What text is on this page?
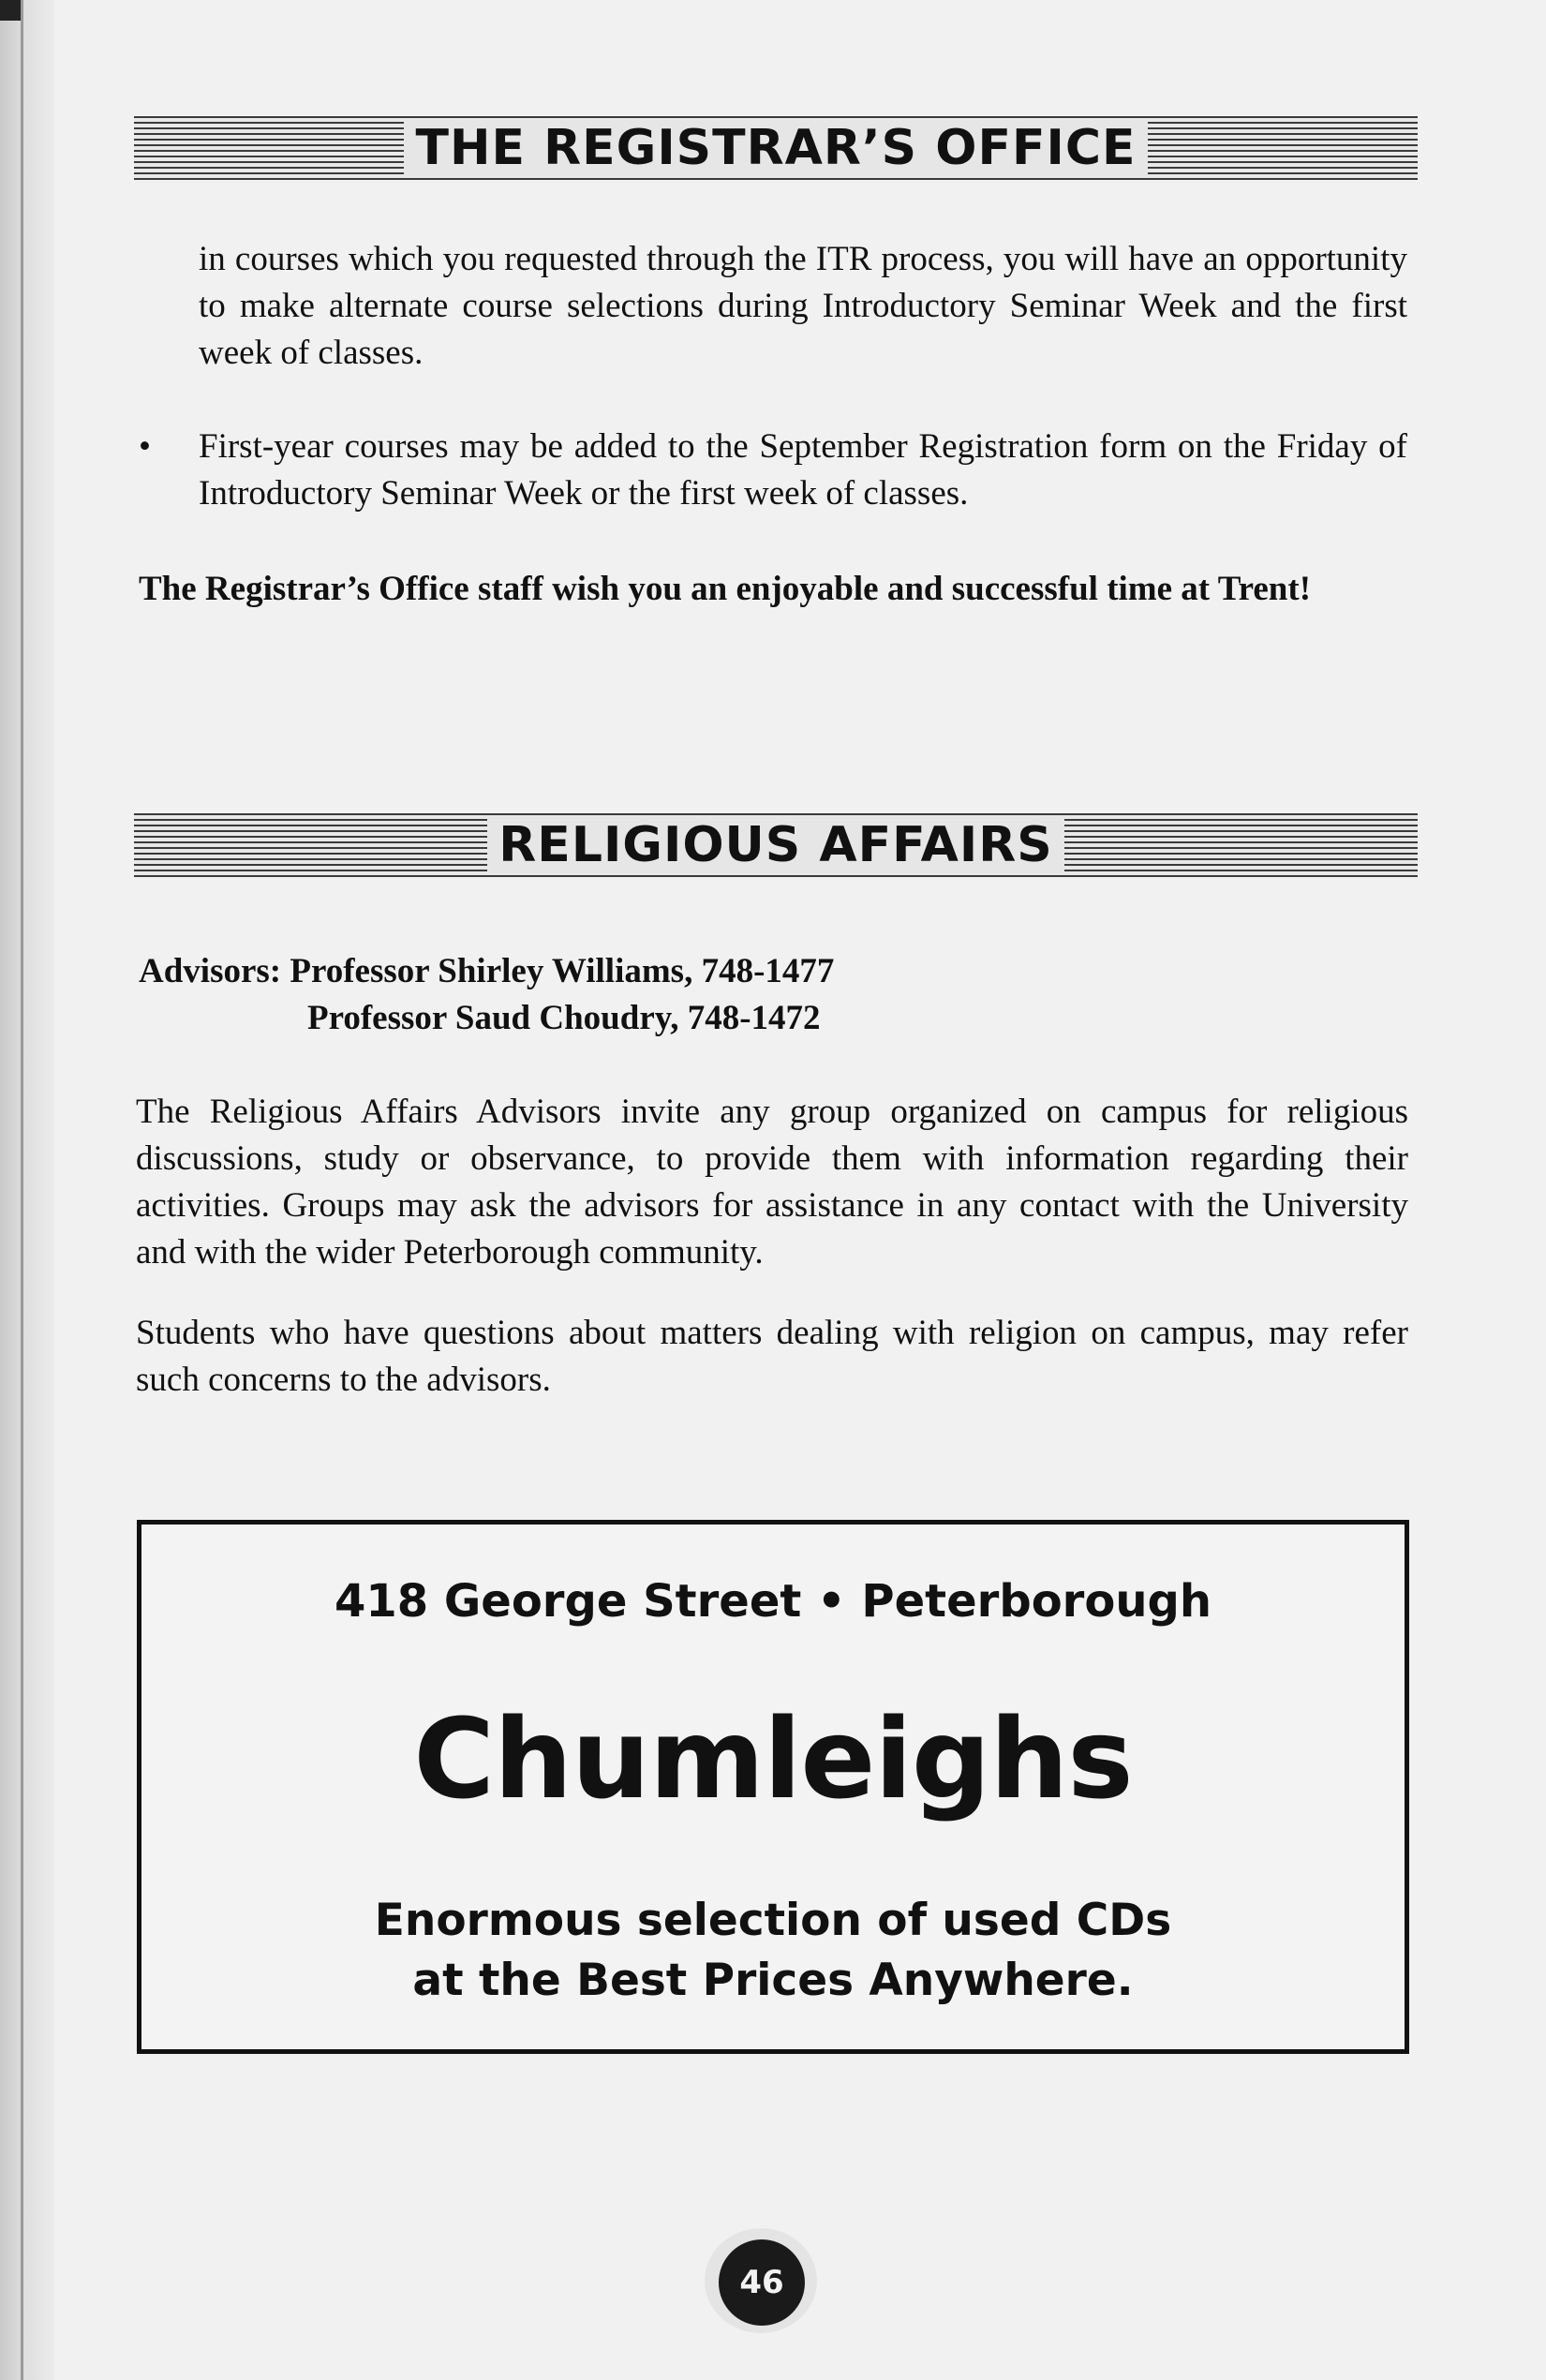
THE REGISTRAR’S OFFICE
in courses which you requested through the ITR process, you will have an opportunity to make alternate course selections during Introductory Seminar Week and the first week of classes.
•	First-year courses may be added to the September Registration form on the Friday of Introductory Seminar Week or the first week of classes.
The Registrar’s Office staff wish you an enjoyable and successful time at Trent!
RELIGIOUS AFFAIRS
Advisors: Professor Shirley Williams, 748-1477
Professor Saud Choudry, 748-1472
The Religious Affairs Advisors invite any group organized on campus for religious discussions, study or observance, to provide them with information regarding their activities. Groups may ask the advisors for assistance in any contact with the University and with the wider Peterborough community.
Students who have questions about matters dealing with religion on campus, may refer such concerns to the advisors.
418 George Street • Peterborough
Chumleighs
Enormous selection of used CDs
at the Best Prices Anywhere.
46
